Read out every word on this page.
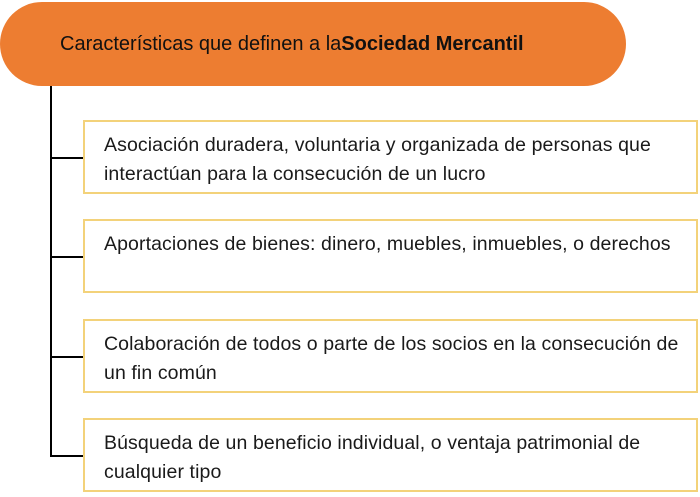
Características que definen a la Sociedad Mercantil
Asociación duradera, voluntaria y organizada de personas que interactúan para la consecución de un lucro
Aportaciones de bienes: dinero, muebles, inmuebles, o derechos
Colaboración de todos o parte de los socios en la consecución de un fin común
Búsqueda de un beneficio individual, o ventaja patrimonial de cualquier tipo
